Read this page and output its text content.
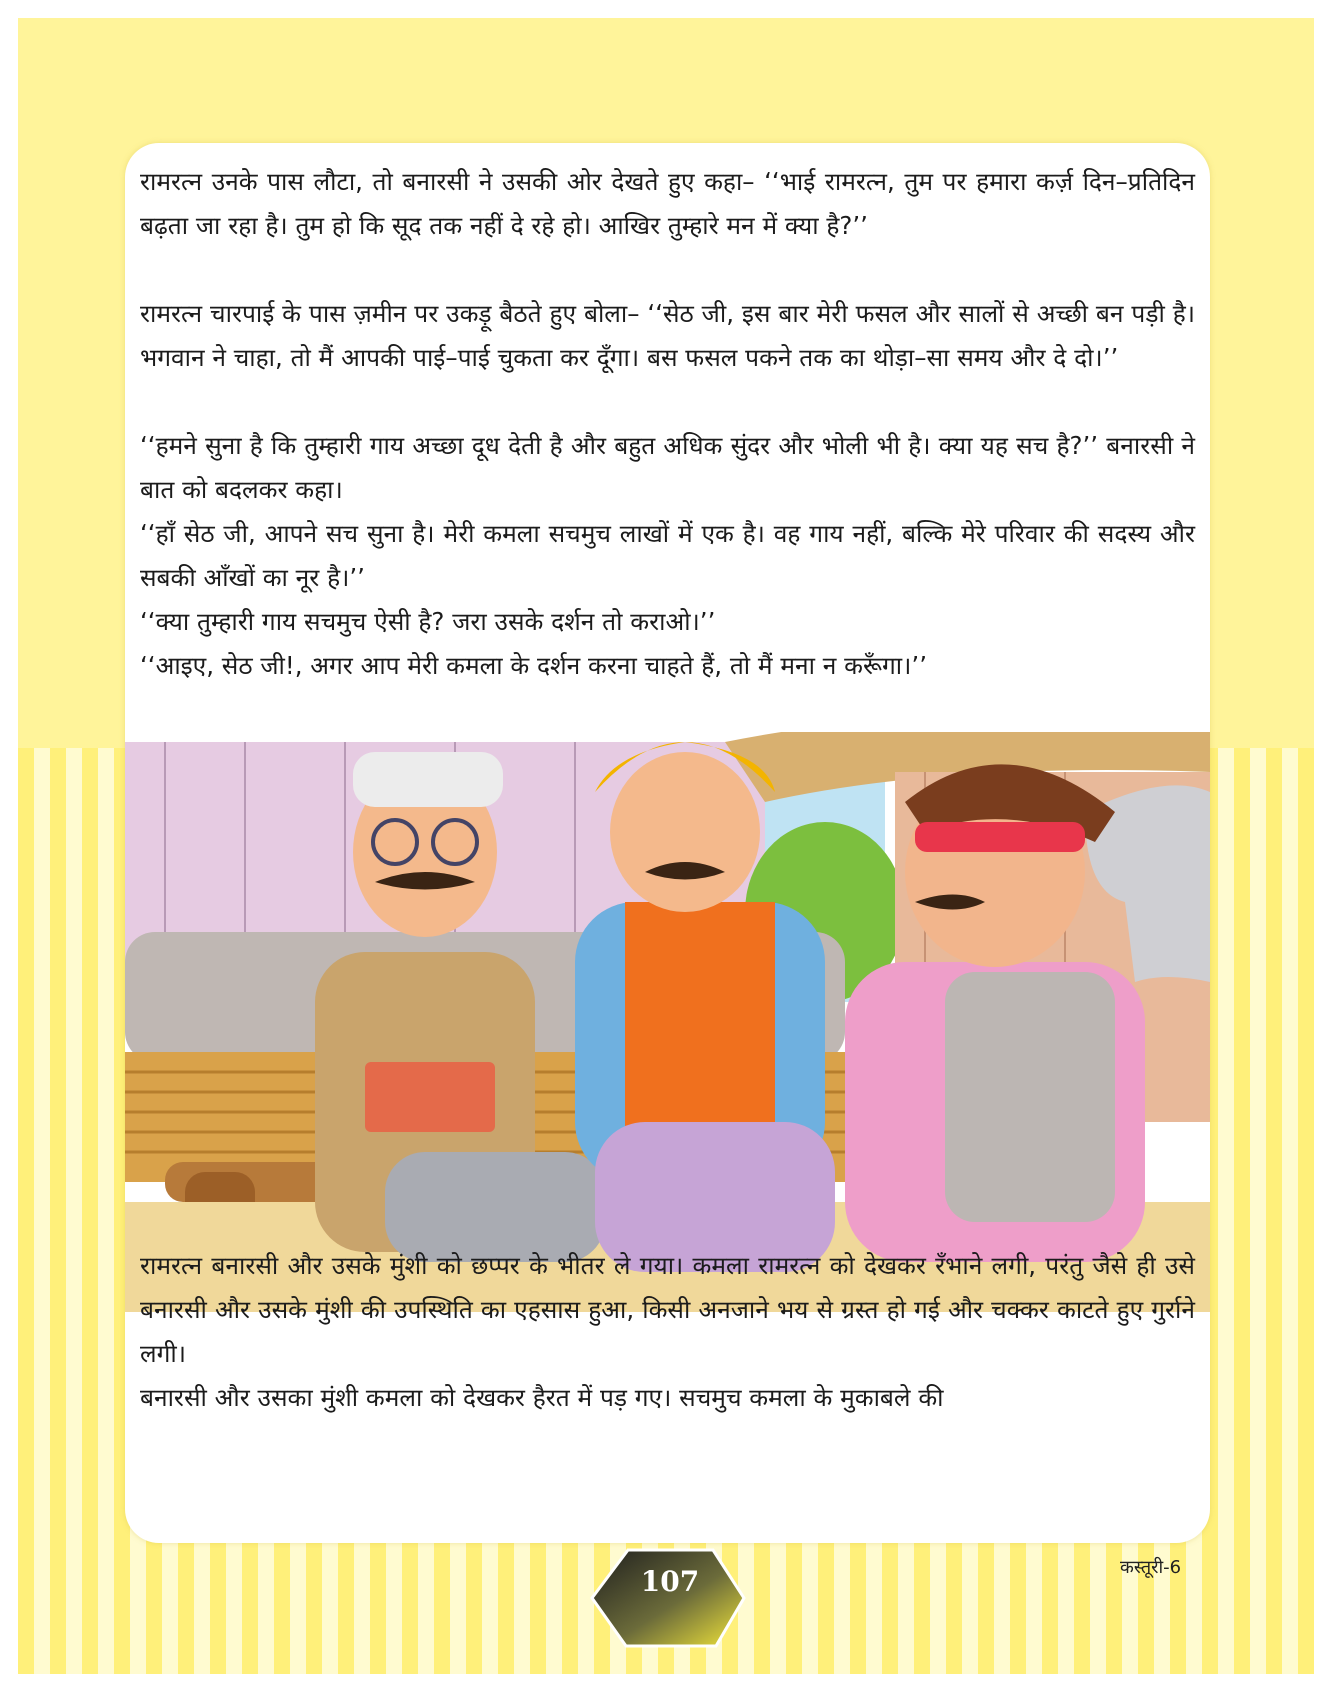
रामरत्न उनके पास लौटा, तो बनारसी ने उसकी ओर देखते हुए कहा– ‘‘भाई रामरत्न, तुम पर हमारा कर्ज़ दिन–प्रतिदिन बढ़ता जा रहा है। तुम हो कि सूद तक नहीं दे रहे हो। आखिर तुम्हारे मन में क्या है?’’

रामरत्न चारपाई के पास ज़मीन पर उकड़ू बैठते हुए बोला– ‘‘सेठ जी, इस बार मेरी फसल और सालों से अच्छी बन पड़ी है। भगवान ने चाहा, तो मैं आपकी पाई–पाई चुकता कर दूँगा। बस फसल पकने तक का थोड़ा–सा समय और दे दो।’’

‘‘हमने सुना है कि तुम्हारी गाय अच्छा दूध देती है और बहुत अधिक सुंदर और भोली भी है। क्या यह सच है?’’ बनारसी ने बात को बदलकर कहा।

‘‘हाँ सेठ जी, आपने सच सुना है। मेरी कमला सचमुच लाखों में एक है। वह गाय नहीं, बल्कि मेरे परिवार की सदस्य और सबकी आँखों का नूर है।’’

‘‘क्या तुम्हारी गाय सचमुच ऐसी है? जरा उसके दर्शन तो कराओ।’’

‘‘आइए, सेठ जी!, अगर आप मेरी कमला के दर्शन करना चाहते हैं, तो मैं मना न करूँगा।’’

रामरत्न बनारसी और उसके मुंशी को छप्पर के भीतर ले गया। कमला रामरत्न को देखकर रँभाने लगी, परंतु जैसे ही उसे बनारसी और उसके मुंशी की उपस्थिति का एहसास हुआ, किसी अनजाने भय से ग्रस्त हो गई और चक्कर काटते हुए गुर्राने लगी।

बनारसी और उसका मुंशी कमला को देखकर हैरत में पड़ गए। सचमुच कमला के मुकाबले की

107	कस्तूरी-6
